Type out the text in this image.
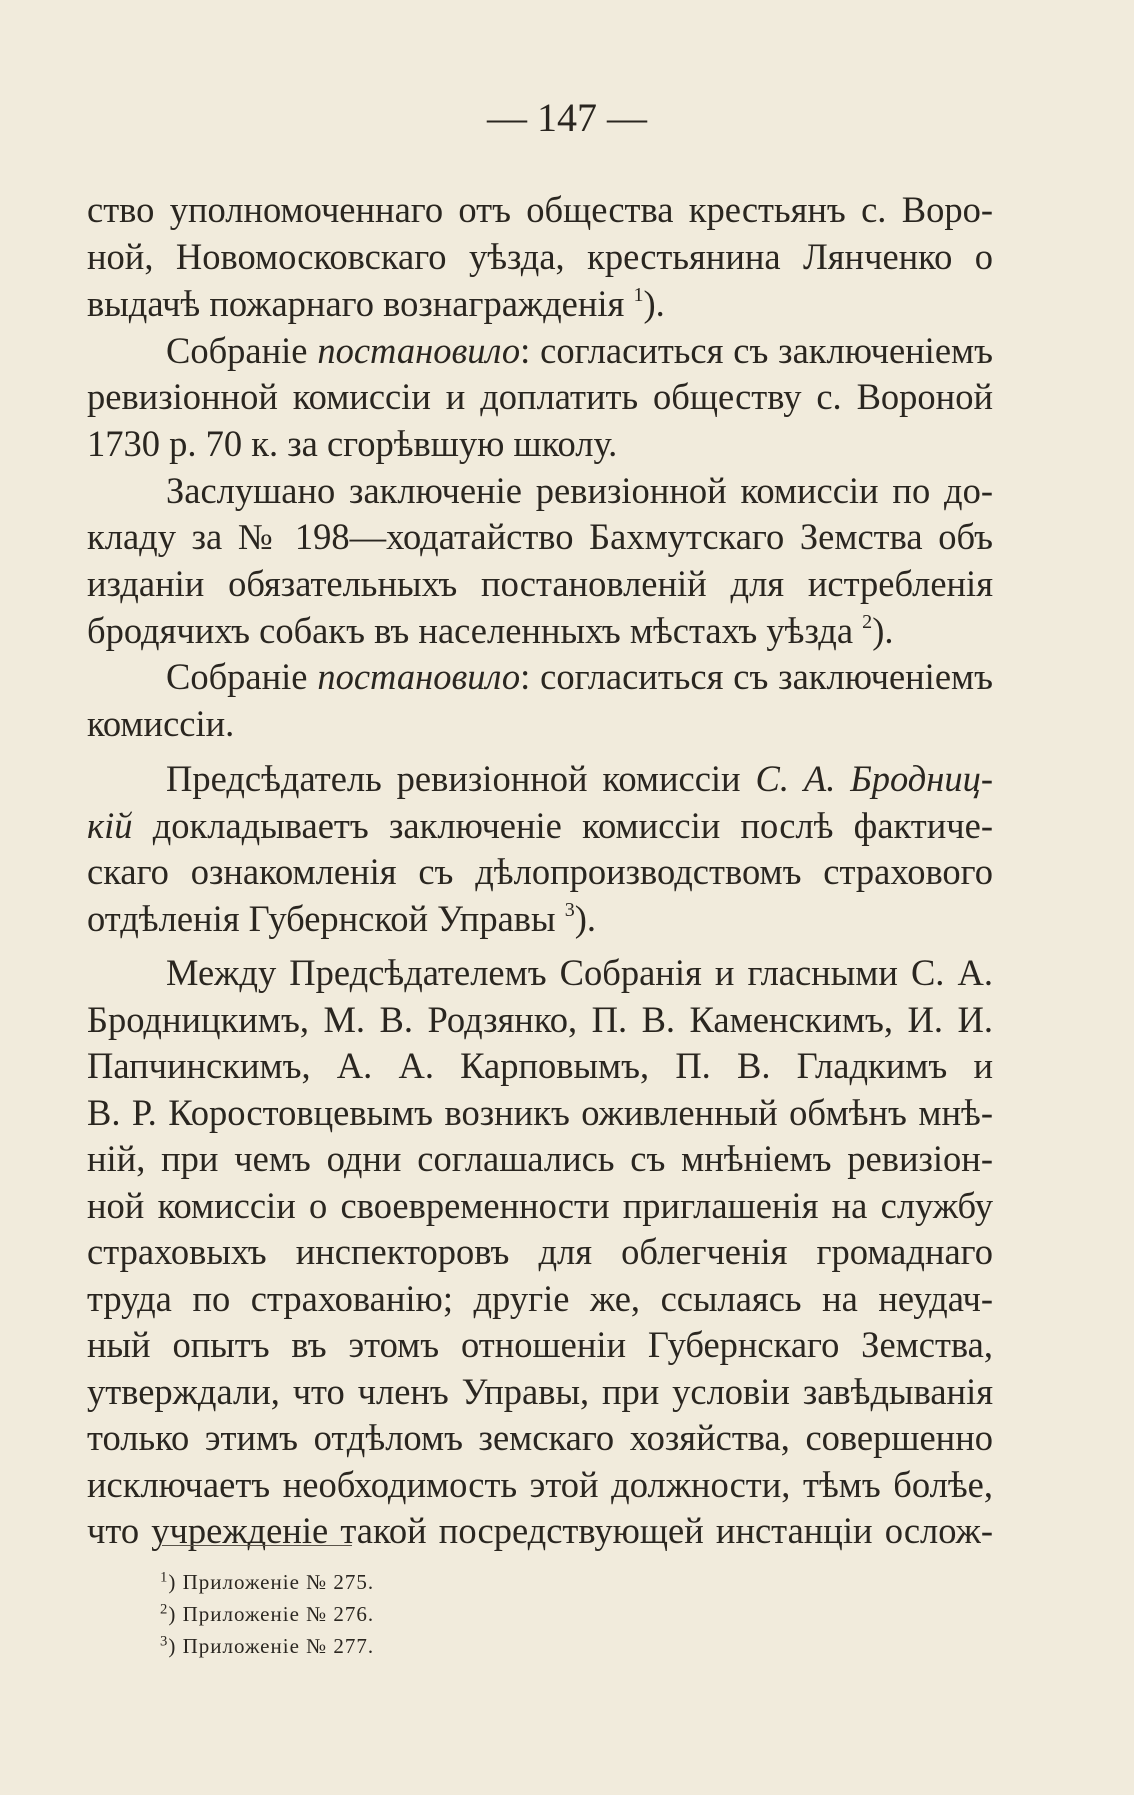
— 147 —
ство уполномоченнаго отъ общества крестьянъ с. Воро-
ной, Новомосковскаго уѣзда, крестьянина Лянченко о
выдачѣ пожарнаго вознагражденія $^1$).
Собраніе постановило: согласиться съ заключеніемъ
ревизіонной комиссіи и доплатить обществу с. Вороной
1730 р. 70 к. за сгорѣвшую школу.
Заслушано заключеніе ревизіонной комиссіи по до-
кладу за № 198—ходатайство Бахмутскаго Земства объ
изданіи обязательныхъ постановленій для истребленія
бродячихъ собакъ въ населенныхъ мѣстахъ уѣзда $^2$).
Собраніе постановило: согласиться съ заключеніемъ
комиссіи.
Предсѣдатель ревизіонной комиссіи С. А. Бродниц-
кій докладываетъ заключеніе комиссіи послѣ фактиче-
скаго ознакомленія съ дѣлопроизводствомъ страхового
отдѣленія Губернской Управы $^3$).
Между Предсѣдателемъ Собранія и гласными С. А.
Бродницкимъ, М. В. Родзянко, П. В. Каменскимъ, И. И.
Папчинскимъ, А. А. Карповымъ, П. В. Гладкимъ и
В. Р. Коростовцевымъ возникъ оживленный обмѣнъ мнѣ-
ній, при чемъ одни соглашались съ мнѣніемъ ревизіон-
ной комиссіи о своевременности приглашенія на службу
страховыхъ инспекторовъ для облегченія громаднаго
труда по страхованію; другіе же, ссылаясь на неудач-
ный опытъ въ этомъ отношеніи Губернскаго Земства,
утверждали, что членъ Управы, при условіи завѣдыванія
только этимъ отдѣломъ земскаго хозяйства, совершенно
исключаетъ необходимость этой должности, тѣмъ болѣе,
что учрежденіе такой посредствующей инстанціи ослож-
$^1$) Приложеніе № 275.
$^2$) Приложеніе № 276.
$^3$) Приложеніе № 277.
